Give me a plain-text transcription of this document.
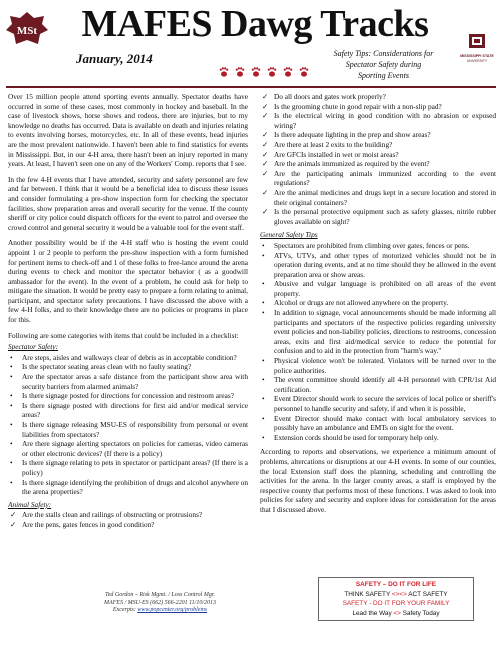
MSt	MAFES Dawg Tracks
MISSISSIPPI STATE
UNIVERSITY
January, 2014	Safety Tips: Considerations for
Spectator Safety during
Sporting Events

Over 15 million people attend sporting events annually. Spectator deaths have occurred in some of these cases, most commonly in hockey and baseball. In the case of livestock shows, horse shows and rodeos, there are injuries, but to my knowledge no deaths has occurred. Data is available on death and injuries relating to events involving horses, motorcycles, etc. In all of these events, head injuries are the most prevalent nationwide. I haven't been able to find statistics for events in Mississippi. But, in our 4-H area, there hasn't been an injury reported in many years. At least, I haven't seen one on any of the Workers' Comp. reports that I see.

In the few 4-H events that I have attended, security and safety personnel are few and far between. I think that it would be a beneficial idea to discuss these issues and consider formulating a pre-show inspection form for checking the spectator facilities, show preparation areas and overall security for the venue. If the county sheriff or city police could dispatch officers for the event to patrol and oversee the crowd control and general security it would be a valuable tool for the event staff.

Another possibility would be if the 4-H staff who is hosting the event could appoint 1 or 2 people to perform the pre-show inspection with a form furnished for pertinent items to check-off and 1 of these folks to free-lance around the arena during events to check and monitor the spectator behavior ( as a goodwill ambassador for the event). In the event of a problem, he could ask for help to mitigate the situation. It would be pretty easy to prepare a form relating to animal, participant, and spectator safety precautions. I have discussed the above with a few 4-H folks, and to their knowledge there are no policies or programs in place for this.

Following are some categories with items that could be included in a checklist:

Spectator Safety:
• Are steps, aisles and walkways clear of debris as in acceptable condition?
• Is the spectator seating areas clean with no faulty seating?
• Are the spectator areas a safe distance from the participant show area with security barriers from alarmed animals?
• Is there signage posted for directions for concession and restroom areas?
• Is there signage posted with directions for first aid and/or medical service areas?
• Is there signage releasing MSU-ES of responsibility from personal or event liabilities from spectators?
• Are there signage alerting spectators on policies for cameras, video cameras or other electronic devices? (If there is a policy)
• Is there signage relating to pets in spectator or participant areas? (If there is a policy)
• Is there signage identifying the prohibition of drugs and alcohol anywhere on the arena properties?
Animal Safety:
✓ Are the stalls clean and railings of obstructing or protrusions?
✓ Are the pens, gates fences in good condition?
✓ Do all doors and gates work properly?
✓ Is the grooming chute in good repair with a non-slip pad?
✓ Is the electrical wiring in good condition with no abrasion or exposed wiring?
✓ Is there adequate lighting in the prep and show areas?
✓ Are there at least 2 exits to the building?
✓ Are GFCIs installed in wet or moist areas?
✓ Are the animals immunized as required by the event?
✓ Are the participating animals immunized according to the event regulations?
✓ Are the animal medicines and drugs kept in a secure location and stored in their original containers?
✓ Is the personal protective equipment such as safety glasses, nitrile rubber gloves available on sight?
General Safety Tips
• Spectators are prohibited from climbing over gates, fences or pens.
• ATVs, UTVs, and other types of motorized vehicles should not be in operation during events, and at no time should they be allowed in the event preparation area or show areas.
• Abusive and vulgar language is prohibited on all areas of the event property.
• Alcohol or drugs are not allowed anywhere on the property.
• In addition to signage, vocal announcements should be made informing all participants and spectators of the respective policies regarding university event policies and non-liability policies, directions to restrooms, concession areas, exits and first aid/medical service to reduce the potential for confusion and to aid in the protection from "harm's way."
• Physical violence won't be tolerated. Violators will be turned over to the police authorities.
• The event committee should identify all 4-H personnel with CPR/1st Aid certification.
• Event Director should work to secure the services of local police or sheriff's personnel to handle security and safety, if and when it is possible,
• Event Director should make contact with local ambulatory services to possibly have an ambulance and EMTs on sight for the event.
• Extension cords should be used for temporary help only.

According to reports and observations, we experience a minimum amount of problems, altercations or disruptions at our 4-H events. In some of our counties, the local Extension staff does the planning, scheduling and controlling the activities for the arena. In the larger county areas, a staff is employed by the respective county that performs most of these functions. I was asked to look into policies for safety and security and explore ideas for consideration for the areas that I discussed above.

Ted Gordon – Risk Mgmt. / Loss Control Mgr.
MAFES / MSU-ES (662) 566-2201 11/10/2013
Excerpts: www.popcenter.org/problems
SAFETY – DO IT FOR LIFE
THINK SAFETY <><> ACT SAFETY
SAFETY - DO IT FOR YOUR FAMILY
Lead the Way <> Safety Today
